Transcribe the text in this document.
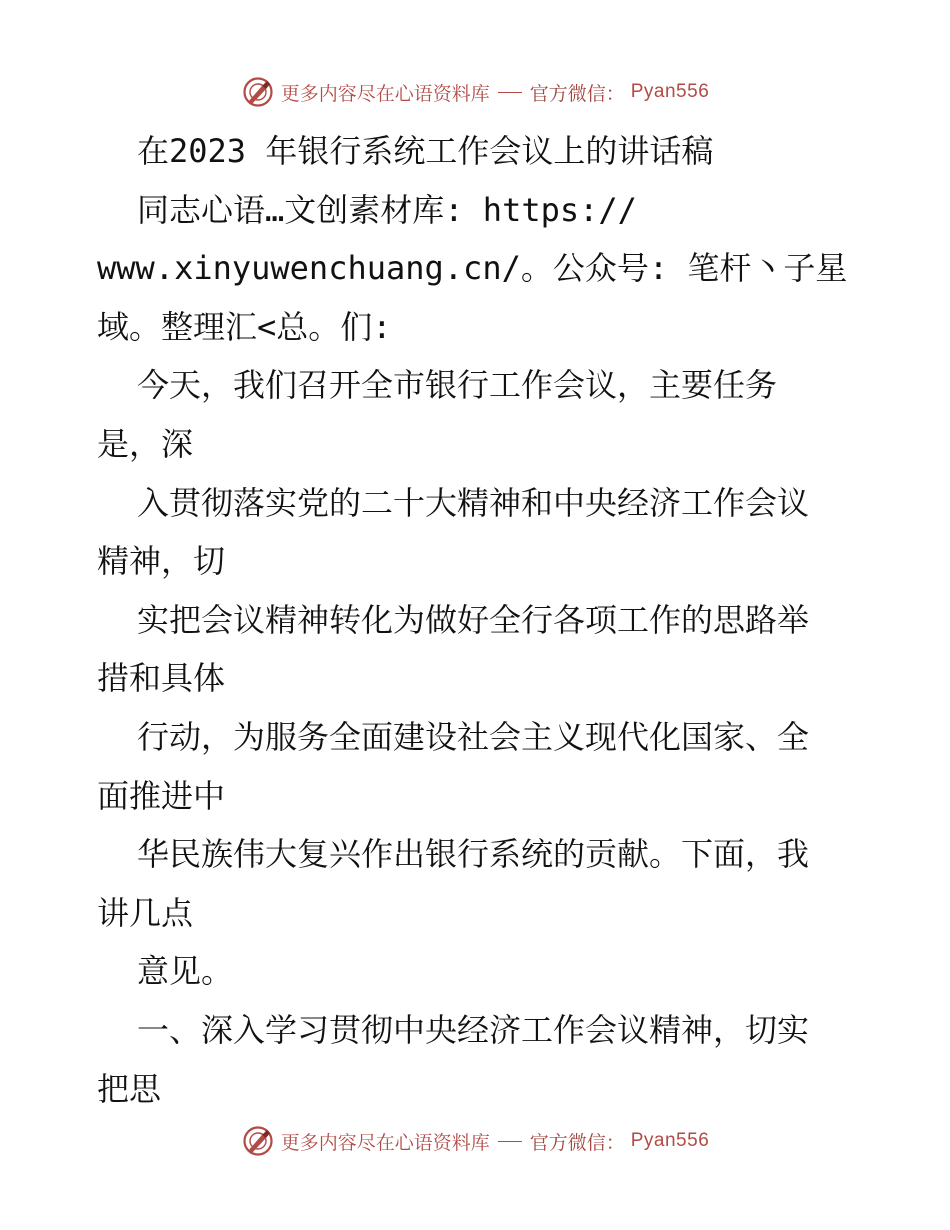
更多内容尽在心语资料库 官方微信： Pyan556
在2023 年银行系统工作会议上的讲话稿
同志心语…文创素材库: https://
www.xinyuwenchuang.cn/。公众号: 笔杆丶子星
域。整理汇<总。们:
今天，我们召开全市银行工作会议，主要任务
是，深
入贯彻落实党的二十大精神和中央经济工作会议
精神，切
实把会议精神转化为做好全行各项工作的思路举
措和具体
行动，为服务全面建设社会主义现代化国家、全
面推进中
华民族伟大复兴作出银行系统的贡献。下面，我
讲几点
意见。
一、深入学习贯彻中央经济工作会议精神，切实
把思
更多内容尽在心语资料库 官方微信： Pyan556
